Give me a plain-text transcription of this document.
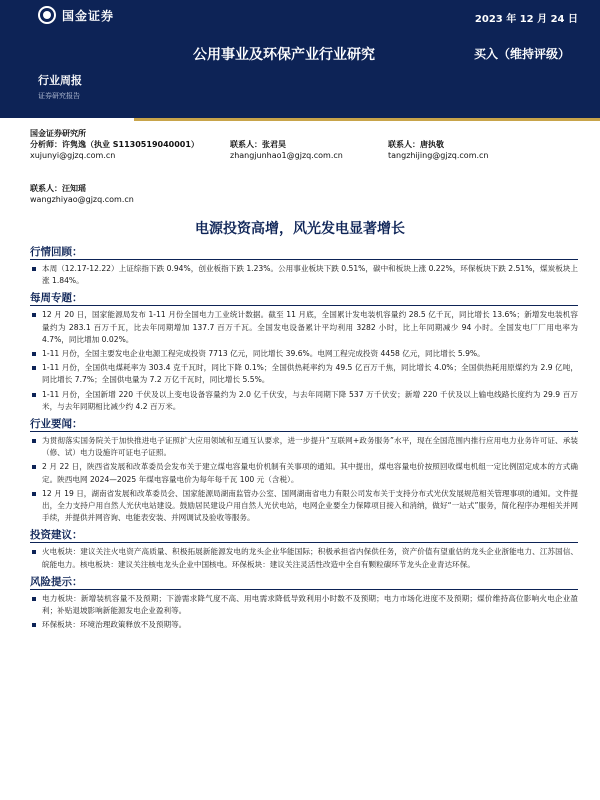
国金证券	2023 年 12 月 24 日
公用事业及环保产业行业研究	买入（维持评级）
行业周报
证券研究报告
国金证券研究所
分析师：许隽逸（执业 S1130519040001）
xujunyi@gjzq.com.cn
联系人：张君昊
zhangjunhao1@gjzq.com.cn
联系人：唐执敬
tangzhijing@gjzq.com.cn
联系人：汪知瑶
wangzhiyao@gjzq.com.cn
电源投资高增，风光发电显著增长
行情回顾：
本周（12.17-12.22）上证综指下跌 0.94%，创业板指下跌 1.23%。公用事业板块下跌 0.51%，碳中和板块上涨 0.22%，环保板块下跌 2.51%，煤炭板块上涨 1.84%。
每周专题：
12 月 20 日，国家能源局发布 1-11 月份全国电力工业统计数据。截至 11 月底，全国累计发电装机容量约 28.5 亿千瓦，同比增长 13.6%；新增发电装机容量约为 283.1 百万千瓦，比去年同期增加 137.7 百万千瓦。全国发电设备累计平均利用 3282 小时，比上年同期减少 94 小时。全国发电厂厂用电率为 4.7%，同比增加 0.02%。
1-11 月份，全国主要发电企业电源工程完成投资 7713 亿元，同比增长 39.6%。电网工程完成投资 4458 亿元，同比增长 5.9%。
1-11 月份，全国供电煤耗率为 303.4 克千瓦时，同比下降 0.1%；全国供热耗率约为 49.5 亿百万千焦，同比增长 4.0%；全国供热耗用原煤约为 2.9 亿吨，同比增长 7.7%；全国供电量为 7.2 万亿千瓦时，同比增长 5.5%。
1-11 月份，全国新增 220 千伏及以上变电设备容量约为 2.0 亿千伏安，与去年同期下降 537 万千伏安；新增 220 千伏及以上输电线路长度约为 29.9 百万米，与去年同期相比减少约 4.2 百万米。
行业要闻：
为贯彻落实国务院关于加快推进电子证照扩大应用领域和互通互认要求，进一步提升“互联网+政务服务”水平，现在全国范围内推行应用电力业务许可证、承装（修、试）电力设施许可证电子证照。
2 月 22 日，陕西省发展和改革委员会发布关于建立煤电容量电价机制有关事项的通知。其中提出，煤电容量电价按照回收煤电机组一定比例固定成本的方式确定。陕西电网 2024—2025 年煤电容量电价为每年每千瓦 100 元（含税）。
12 月 19 日，湖南省发展和改革委员会、国家能源局湖南监管办公室、国网湖南省电力有限公司发布关于支持分布式光伏发展规范相关管理事项的通知。文件提出，全力支持户用自然人光伏电站建设。鼓励居民建设户用自然人光伏电站，电网企业要全力保障项目接入和消纳，做好“一站式”服务，简化程序办理相关并网手续，并提供并网咨询、电能表安装、并网调试及验收等服务。
投资建议：
火电板块：建议关注火电资产高质量、积极拓展新能源发电的龙头企业华能国际；积极承担省内保供任务，资产价值有望重估的龙头企业浙能电力、江苏国信、皖能电力。核电板块：建议关注核电龙头企业中国核电。环保板块：建议关注灵活性改造中全自有颗粒碳环节龙头企业青达环保。
风险提示：
电力板块：新增装机容量不及预期；下游需求降气度不高、用电需求降低导致利用小时数不及预期；电力市场化进度不及预期；煤价维持高位影响火电企业盈利；补贴退坡影响新能源发电企业盈利等。
环保板块：环境治理政策释放不及预期等。
